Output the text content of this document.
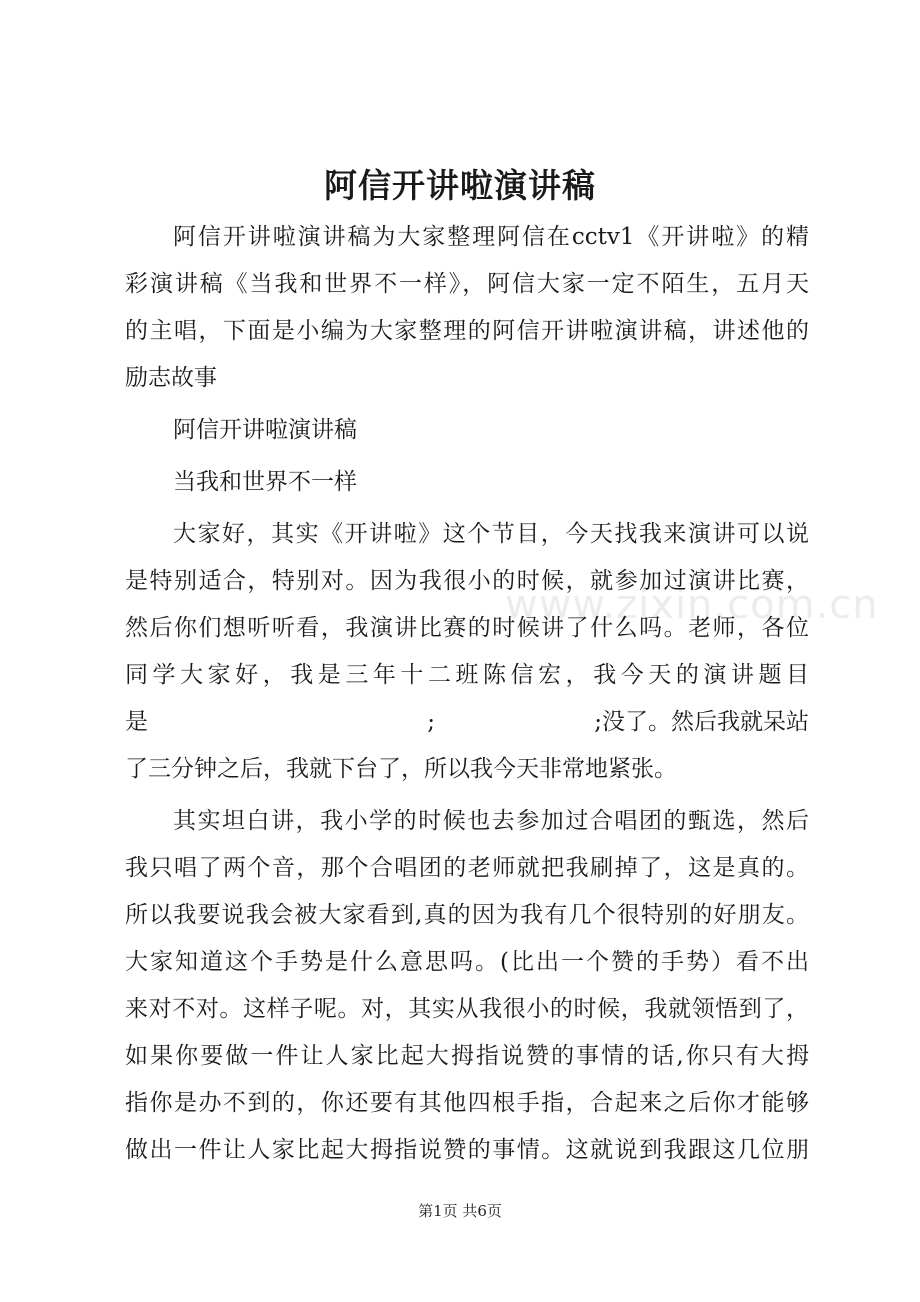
www.zixin.com.cn
阿信开讲啦演讲稿
阿信开讲啦演讲稿为大家整理阿信在cctv1《开讲啦》的精
彩演讲稿《当我和世界不一样》，阿信大家一定不陌生，五月天
的主唱，下面是小编为大家整理的阿信开讲啦演讲稿，讲述他的
励志故事
阿信开讲啦演讲稿
当我和世界不一样
大家好，其实《开讲啦》这个节目，今天找我来演讲可以说
是特别适合，特别对。因为我很小的时候，就参加过演讲比赛，
然后你们想听听看，我演讲比赛的时候讲了什么吗。老师，各位
同学大家好，我是三年十二班陈信宏，我今天的演讲题目
是	;	;没了。然后我就呆站
了三分钟之后，我就下台了，所以我今天非常地紧张。
其实坦白讲，我小学的时候也去参加过合唱团的甄选，然后
我只唱了两个音，那个合唱团的老师就把我刷掉了，这是真的。
所以我要说我会被大家看到,真的因为我有几个很特别的好朋友。
大家知道这个手势是什么意思吗。(比出一个赞的手势）看不出
来对不对。这样子呢。对，其实从我很小的时候，我就领悟到了，
如果你要做一件让人家比起大拇指说赞的事情的话,你只有大拇
指你是办不到的，你还要有其他四根手指，合起来之后你才能够
做出一件让人家比起大拇指说赞的事情。这就说到我跟这几位朋
第1页 共6页
